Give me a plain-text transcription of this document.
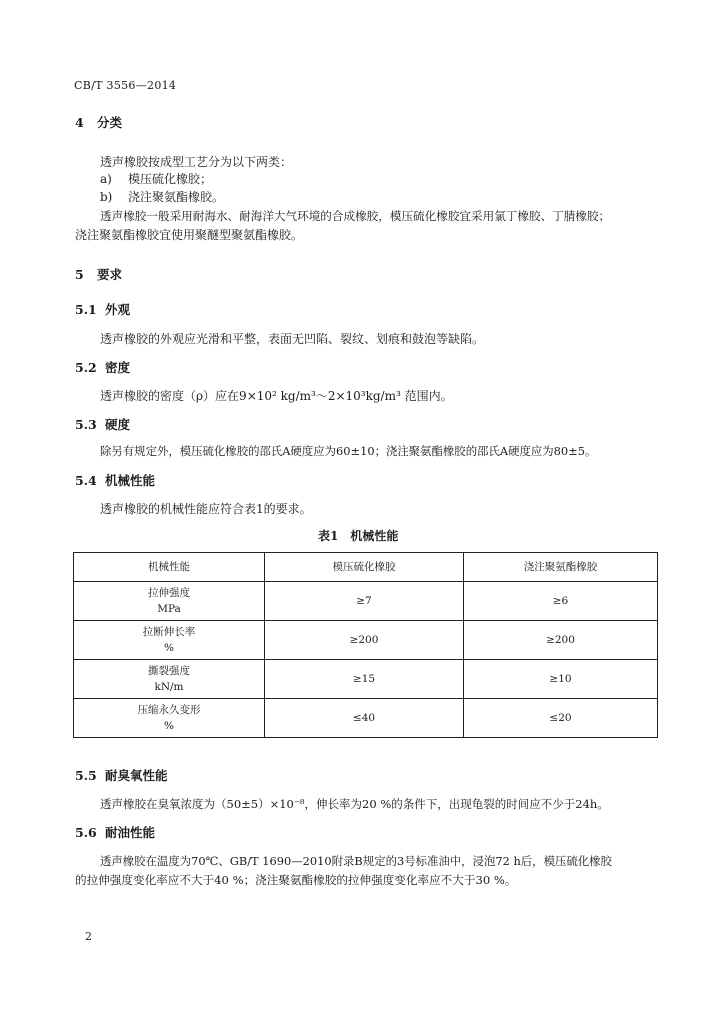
CB/T 3556—2014
4 分类
透声橡胶按成型工艺分为以下两类：
a) 模压硫化橡胶；
b) 浇注聚氨酯橡胶。
透声橡胶一般采用耐海水、耐海洋大气环境的合成橡胶，模压硫化橡胶宜采用氯丁橡胶、丁腈橡胶；
浇注聚氨酯橡胶宜使用聚醚型聚氨酯橡胶。
5 要求
5.1 外观
透声橡胶的外观应光滑和平整，表面无凹陷、裂纹、划痕和鼓泡等缺陷。
5.2 密度
透声橡胶的密度（ρ）应在9×10² kg/m³～2×10³kg/m³ 范围内。
5.3 硬度
除另有规定外，模压硫化橡胶的邵氏A硬度应为60±10；浇注聚氨酯橡胶的邵氏A硬度应为80±5。
5.4 机械性能
透声橡胶的机械性能应符合表1的要求。
表1　机械性能
机械性能	模压硫化橡胶	浇注聚氨酯橡胶

拉伸强度
MPa	≥7	≥6

拉断伸长率
%	≥200	≥200

撕裂强度
kN/m	≥15	≥10

压缩永久变形
%	≤40	≤20
5.5 耐臭氧性能
透声橡胶在臭氧浓度为（50±5）×10⁻⁸，伸长率为20 %的条件下，出现龟裂的时间应不少于24h。
5.6 耐油性能
透声橡胶在温度为70℃、GB/T 1690—2010附录B规定的3号标准油中，浸泡72 h后，模压硫化橡胶
的拉伸强度变化率应不大于40 %；浇注聚氨酯橡胶的拉伸强度变化率应不大于30 %。
2
